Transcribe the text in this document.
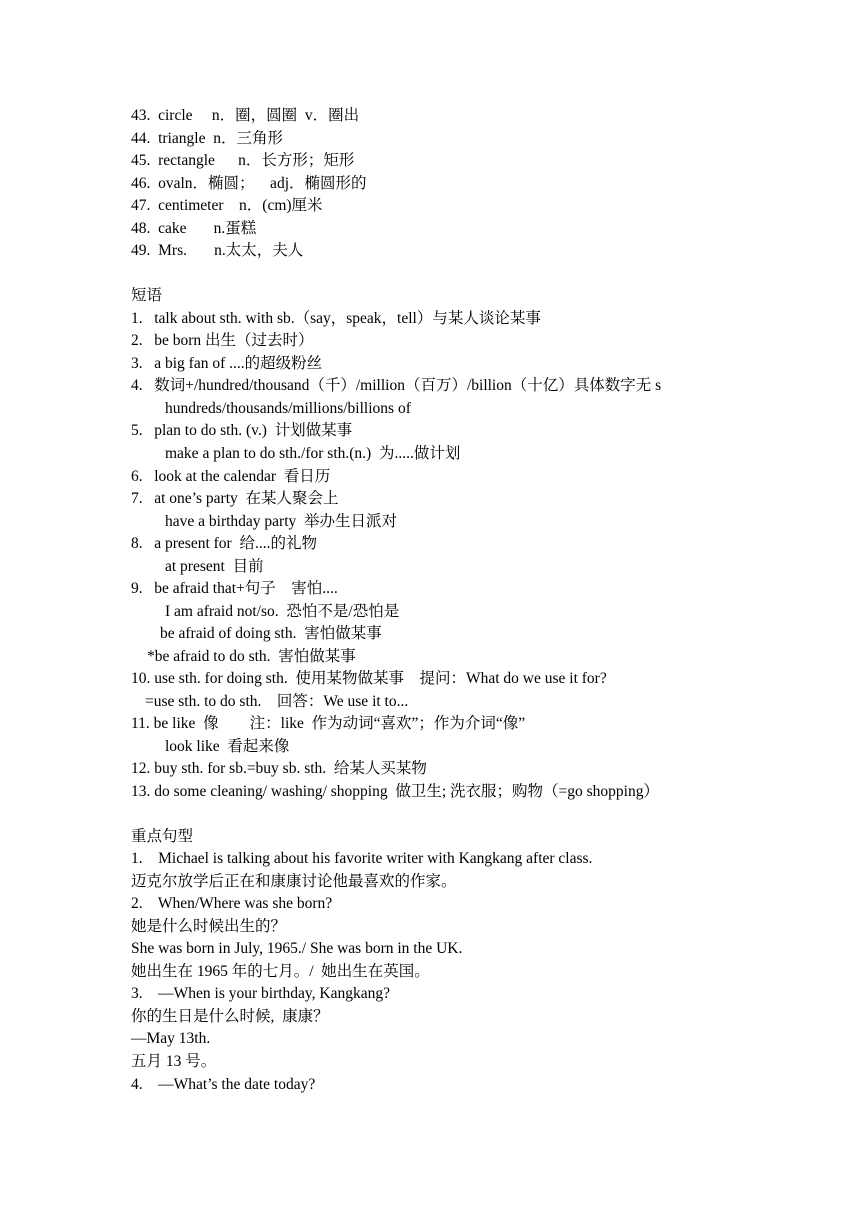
43.  circle     n．圈，圆圈  v．圈出
44.  triangle  n．三角形
45.  rectangle      n．长方形；矩形
46.  ovaln．椭圆；    adj．椭圆形的
47.  centimeter    n．(cm)厘米
48.  cake       n.蛋糕
49.  Mrs.       n.太太，夫人
短语
1.   talk about sth. with sb.（say，speak，tell）与某人谈论某事
2.   be born 出生（过去时）
3.   a big fan of ....的超级粉丝
4.   数词+/hundred/thousand（千）/million（百万）/billion（十亿）具体数字无 s
hundreds/thousands/millions/billions of
5.   plan to do sth. (v.)  计划做某事
make a plan to do sth./for sth.(n.)  为.....做计划
6.   look at the calendar  看日历
7.   at one’s party  在某人聚会上
have a birthday party  举办生日派对
8.   a present for  给....的礼物
at present  目前
9.   be afraid that+句子    害怕....
I am afraid not/so.  恐怕不是/恐怕是
be afraid of doing sth.  害怕做某事
*be afraid to do sth.  害怕做某事
10. use sth. for doing sth.  使用某物做某事    提问：What do we use it for?
=use sth. to do sth.    回答：We use it to...
11. be like  像        注：like  作为动词“喜欢”；作为介词“像”
look like  看起来像
12. buy sth. for sb.=buy sb. sth.  给某人买某物
13. do some cleaning/ washing/ shopping  做卫生; 洗衣服；购物（=go shopping）
重点句型
1.    Michael is talking about his favorite writer with Kangkang after class.
迈克尔放学后正在和康康讨论他最喜欢的作家。
2.    When/Where was she born?
她是什么时候出生的？
She was born in July, 1965./ She was born in the UK.
她出生在 1965 年的七月。/  她出生在英国。
3.    —When is your birthday, Kangkang?
你的生日是什么时候,  康康？
—May 13th.
五月 13 号。
4.    —What’s the date today?
